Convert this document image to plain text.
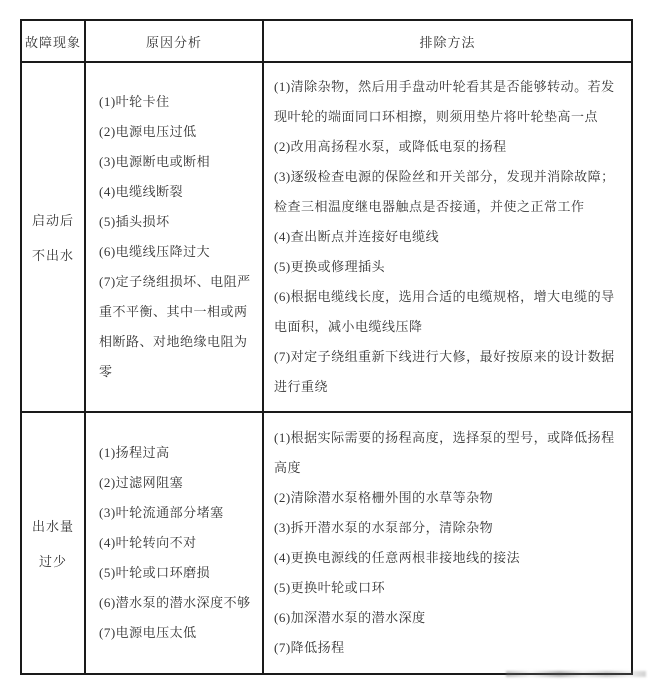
故障现象	原因分析	排除方法
启动后
不出水
(1)叶轮卡住
(2)电源电压过低
(3)电源断电或断相
(4)电缆线断裂
(5)插头损坏
(6)电缆线压降过大
(7)定子绕组损坏、电阻严重不平衡、其中一相或两相断路、对地绝缘电阻为零
(1)清除杂物，然后用手盘动叶轮看其是否能够转动。若发现叶轮的端面同口环相擦，则须用垫片将叶轮垫高一点
(2)改用高扬程水泵，或降低电泵的扬程
(3)逐级检查电源的保险丝和开关部分，发现并消除故障；检查三相温度继电器触点是否接通，并使之正常工作
(4)查出断点并连接好电缆线
(5)更换或修理插头
(6)根据电缆线长度，选用合适的电缆规格，增大电缆的导电面积，减小电缆线压降
(7)对定子绕组重新下线进行大修，最好按原来的设计数据进行重绕
出水量
过少
(1)扬程过高
(2)过滤网阻塞
(3)叶轮流通部分堵塞
(4)叶轮转向不对
(5)叶轮或口环磨损
(6)潜水泵的潜水深度不够
(7)电源电压太低
(1)根据实际需要的扬程高度，选择泵的型号，或降低扬程高度
(2)清除潜水泵格栅外围的水草等杂物
(3)拆开潜水泵的水泵部分，清除杂物
(4)更换电源线的任意两根非接地线的接法
(5)更换叶轮或口环
(6)加深潜水泵的潜水深度
(7)降低扬程
